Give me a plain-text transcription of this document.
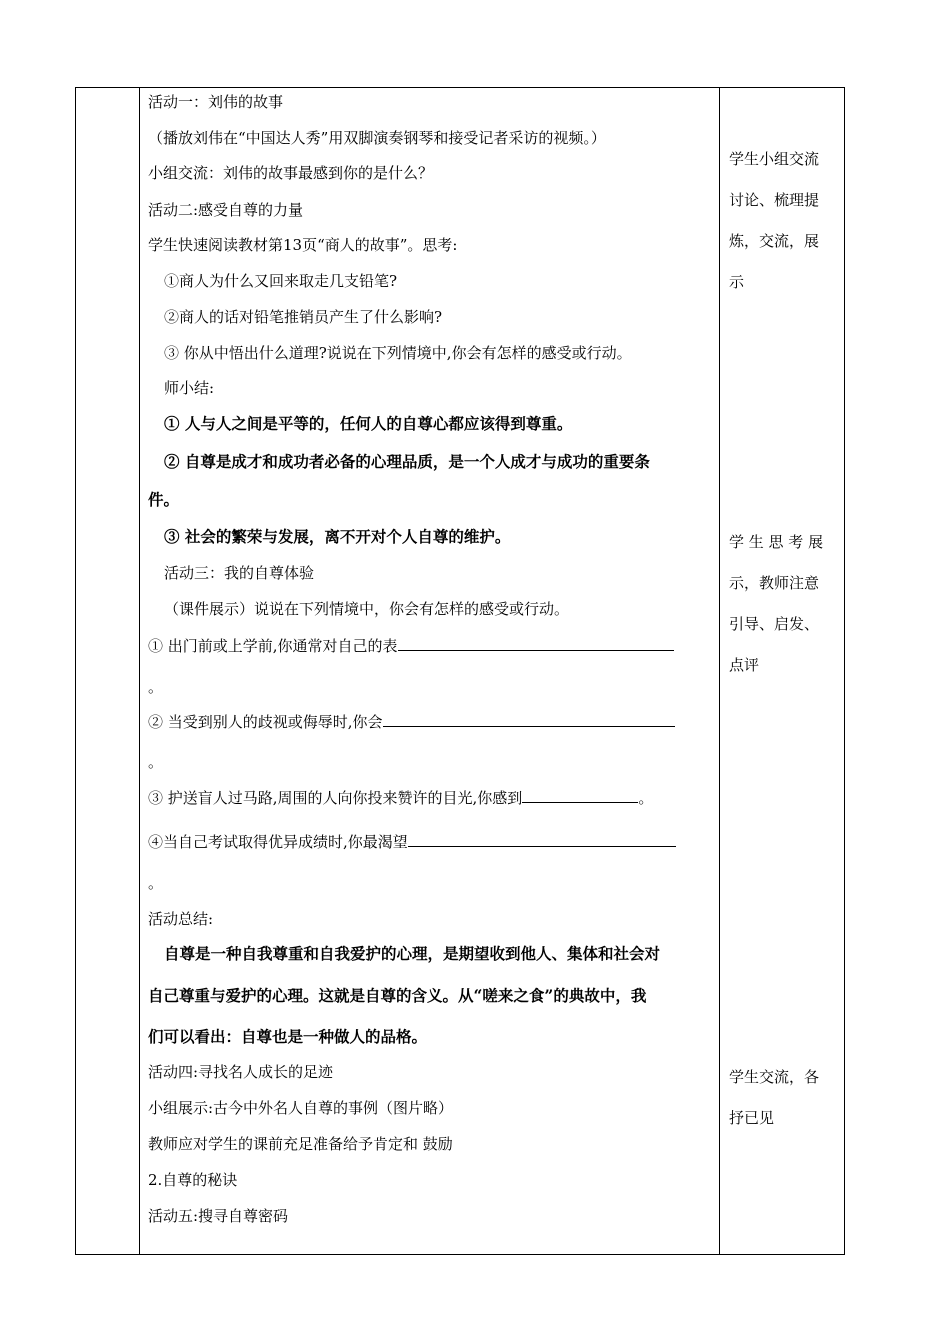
活动一：刘伟的故事
（播放刘伟在“中国达人秀”用双脚演奏钢琴和接受记者采访的视频。）
小组交流：刘伟的故事最感到你的是什么？
活动二:感受自尊的力量
学生快速阅读教材第13页“商人的故事”。思考:
①商人为什么又回来取走几支铅笔?
②商人的话对铅笔推销员产生了什么影响?
③ 你从中悟出什么道理?说说在下列情境中,你会有怎样的感受或行动。
师小结:
① 人与人之间是平等的，任何人的自尊心都应该得到尊重。
② 自尊是成才和成功者必备的心理品质，是一个人成才与成功的重要条
件。
③ 社会的繁荣与发展，离不开对个人自尊的维护。
活动三：我的自尊体验
（课件展示）说说在下列情境中，你会有怎样的感受或行动。
① 出门前或上学前,你通常对自己的表
。
② 当受到别人的歧视或侮辱时,你会
。
③ 护送盲人过马路,周围的人向你投来赞许的目光,你感到	。
④当自己考试取得优异成绩时,你最渴望
。
活动总结:
自尊是一种自我尊重和自我爱护的心理，是期望收到他人、集体和社会对
自己尊重与爱护的心理。这就是自尊的含义。从“嗟来之食”的典故中，我
们可以看出：自尊也是一种做人的品格。
活动四:寻找名人成长的足迹
小组展示:古今中外名人自尊的事例（图片略）
教师应对学生的课前充足准备给予肯定和 鼓励
2.自尊的秘诀
活动五:搜寻自尊密码
学生小组交流
讨论、梳理提
炼，交流，展
示
学 生 思 考 展
示，教师注意
引导、启发、
点评
学生交流，各
抒已见
